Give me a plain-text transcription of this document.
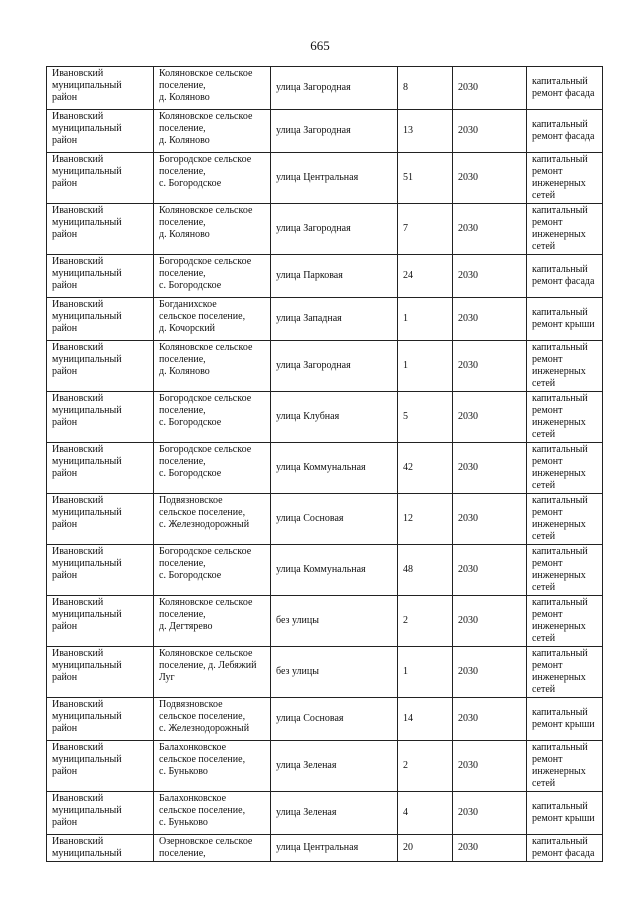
665
Ивановский
муниципальный
район	Коляновское сельское
поселение,
д. Коляново	улица Загородная	8	2030	капитальный
ремонт фасада
Ивановский
муниципальный
район	Коляновское сельское
поселение,
д. Коляново	улица Загородная	13	2030	капитальный
ремонт фасада
Ивановский
муниципальный
район	Богородское сельское
поселение,
с. Богородское	улица Центральная	51	2030	капитальный
ремонт
инженерных
сетей
Ивановский
муниципальный
район	Коляновское сельское
поселение,
д. Коляново	улица Загородная	7	2030	капитальный
ремонт
инженерных
сетей
Ивановский
муниципальный
район	Богородское сельское
поселение,
с. Богородское	улица Парковая	24	2030	капитальный
ремонт фасада
Ивановский
муниципальный
район	Богданихское
сельское поселение,
д. Кочорский	улица Западная	1	2030	капитальный
ремонт крыши
Ивановский
муниципальный
район	Коляновское сельское
поселение,
д. Коляново	улица Загородная	1	2030	капитальный
ремонт
инженерных
сетей
Ивановский
муниципальный
район	Богородское сельское
поселение,
с. Богородское	улица Клубная	5	2030	капитальный
ремонт
инженерных
сетей
Ивановский
муниципальный
район	Богородское сельское
поселение,
с. Богородское	улица Коммунальная	42	2030	капитальный
ремонт
инженерных
сетей
Ивановский
муниципальный
район	Подвязновское
сельское поселение,
с. Железнодорожный	улица Сосновая	12	2030	капитальный
ремонт
инженерных
сетей
Ивановский
муниципальный
район	Богородское сельское
поселение,
с. Богородское	улица Коммунальная	48	2030	капитальный
ремонт
инженерных
сетей
Ивановский
муниципальный
район	Коляновское сельское
поселение,
д. Дегтярево	без улицы	2	2030	капитальный
ремонт
инженерных
сетей
Ивановский
муниципальный
район	Коляновское сельское
поселение, д. Лебяжий
Луг	без улицы	1	2030	капитальный
ремонт
инженерных
сетей
Ивановский
муниципальный
район	Подвязновское
сельское поселение,
с. Железнодорожный	улица Сосновая	14	2030	капитальный
ремонт крыши
Ивановский
муниципальный
район	Балахонковское
сельское поселение,
с. Буньково	улица Зеленая	2	2030	капитальный
ремонт
инженерных
сетей
Ивановский
муниципальный
район	Балахонковское
сельское поселение,
с. Буньково	улица Зеленая	4	2030	капитальный
ремонт крыши
Ивановский
муниципальный	Озерновское сельское
поселение,	улица Центральная	20	2030	капитальный
ремонт фасада
